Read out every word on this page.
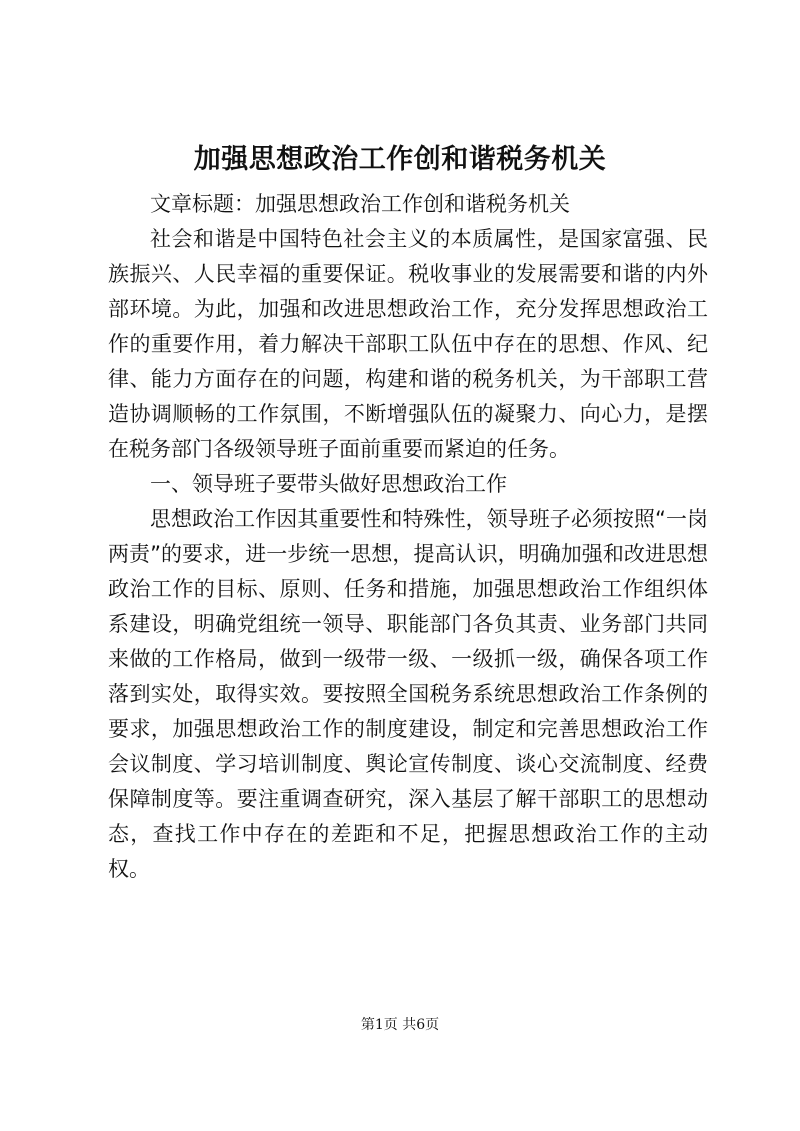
加强思想政治工作创和谐税务机关

文章标题：加强思想政治工作创和谐税务机关

社会和谐是中国特色社会主义的本质属性，是国家富强、民族振兴、人民幸福的重要保证。税收事业的发展需要和谐的内外部环境。为此，加强和改进思想政治工作，充分发挥思想政治工作的重要作用，着力解决干部职工队伍中存在的思想、作风、纪律、能力方面存在的问题，构建和谐的税务机关，为干部职工营造协调顺畅的工作氛围，不断增强队伍的凝聚力、向心力，是摆在税务部门各级领导班子面前重要而紧迫的任务。

一、领导班子要带头做好思想政治工作

思想政治工作因其重要性和特殊性，领导班子必须按照“一岗两责”的要求，进一步统一思想，提高认识，明确加强和改进思想政治工作的目标、原则、任务和措施，加强思想政治工作组织体系建设，明确党组统一领导、职能部门各负其责、业务部门共同来做的工作格局，做到一级带一级、一级抓一级，确保各项工作落到实处，取得实效。要按照全国税务系统思想政治工作条例的要求，加强思想政治工作的制度建设，制定和完善思想政治工作会议制度、学习培训制度、舆论宣传制度、谈心交流制度、经费保障制度等。要注重调查研究，深入基层了解干部职工的思想动态，查找工作中存在的差距和不足，把握思想政治工作的主动权。

第1页 共6页
